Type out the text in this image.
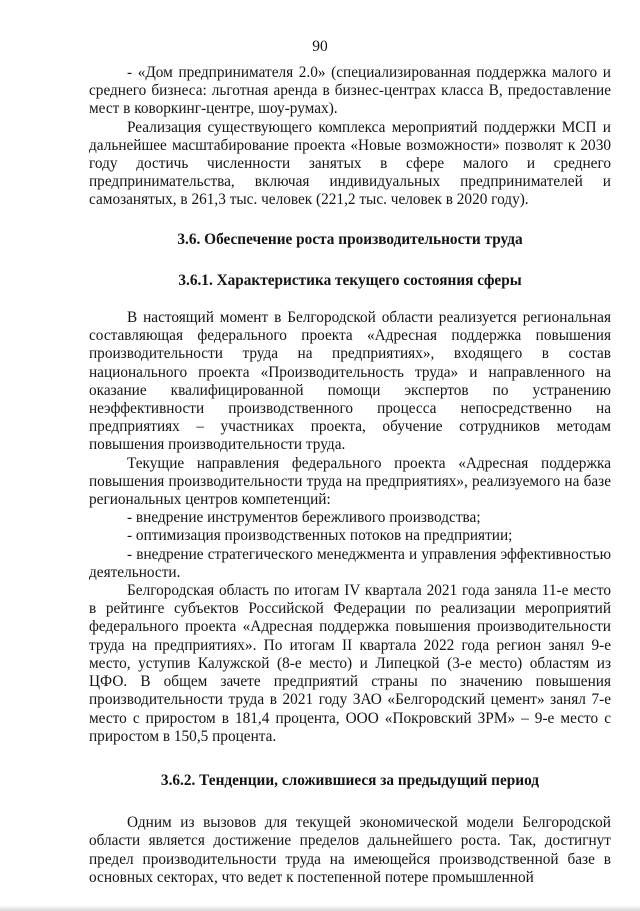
90

- «Дом предпринимателя 2.0» (специализированная поддержка малого и среднего бизнеса: льготная аренда в бизнес-центрах класса В, предоставление мест в коворкинг-центре, шоу-румах).

Реализация существующего комплекса мероприятий поддержки МСП и дальнейшее масштабирование проекта «Новые возможности» позволят к 2030 году достичь численности занятых в сфере малого и среднего предпринимательства, включая индивидуальных предпринимателей и самозанятых, в 261,3 тыс. человек (221,2 тыс. человек в 2020 году).

3.6. Обеспечение роста производительности труда

3.6.1. Характеристика текущего состояния сферы

В настоящий момент в Белгородской области реализуется региональная составляющая федерального проекта «Адресная поддержка повышения производительности труда на предприятиях», входящего в состав национального проекта «Производительность труда» и направленного на оказание квалифицированной помощи экспертов по устранению неэффективности производственного процесса непосредственно на предприятиях – участниках проекта, обучение сотрудников методам повышения производительности труда.

Текущие направления федерального проекта «Адресная поддержка повышения производительности труда на предприятиях», реализуемого на базе региональных центров компетенций:

- внедрение инструментов бережливого производства;

- оптимизация производственных потоков на предприятии;

- внедрение стратегического менеджмента и управления эффективностью деятельности.

Белгородская область по итогам IV квартала 2021 года заняла 11-е место в рейтинге субъектов Российской Федерации по реализации мероприятий федерального проекта «Адресная поддержка повышения производительности труда на предприятиях». По итогам II квартала 2022 года регион занял 9-е место, уступив Калужской (8-е место) и Липецкой (3-е место) областям из ЦФО. В общем зачете предприятий страны по значению повышения производительности труда в 2021 году ЗАО «Белгородский цемент» занял 7-е место с приростом в 181,4 процента, ООО «Покровский ЗРМ» – 9-е место с приростом в 150,5 процента.

3.6.2. Тенденции, сложившиеся за предыдущий период

Одним из вызовов для текущей экономической модели Белгородской области является достижение пределов дальнейшего роста. Так, достигнут предел производительности труда на имеющейся производственной базе в основных секторах, что ведет к постепенной потере промышленной
